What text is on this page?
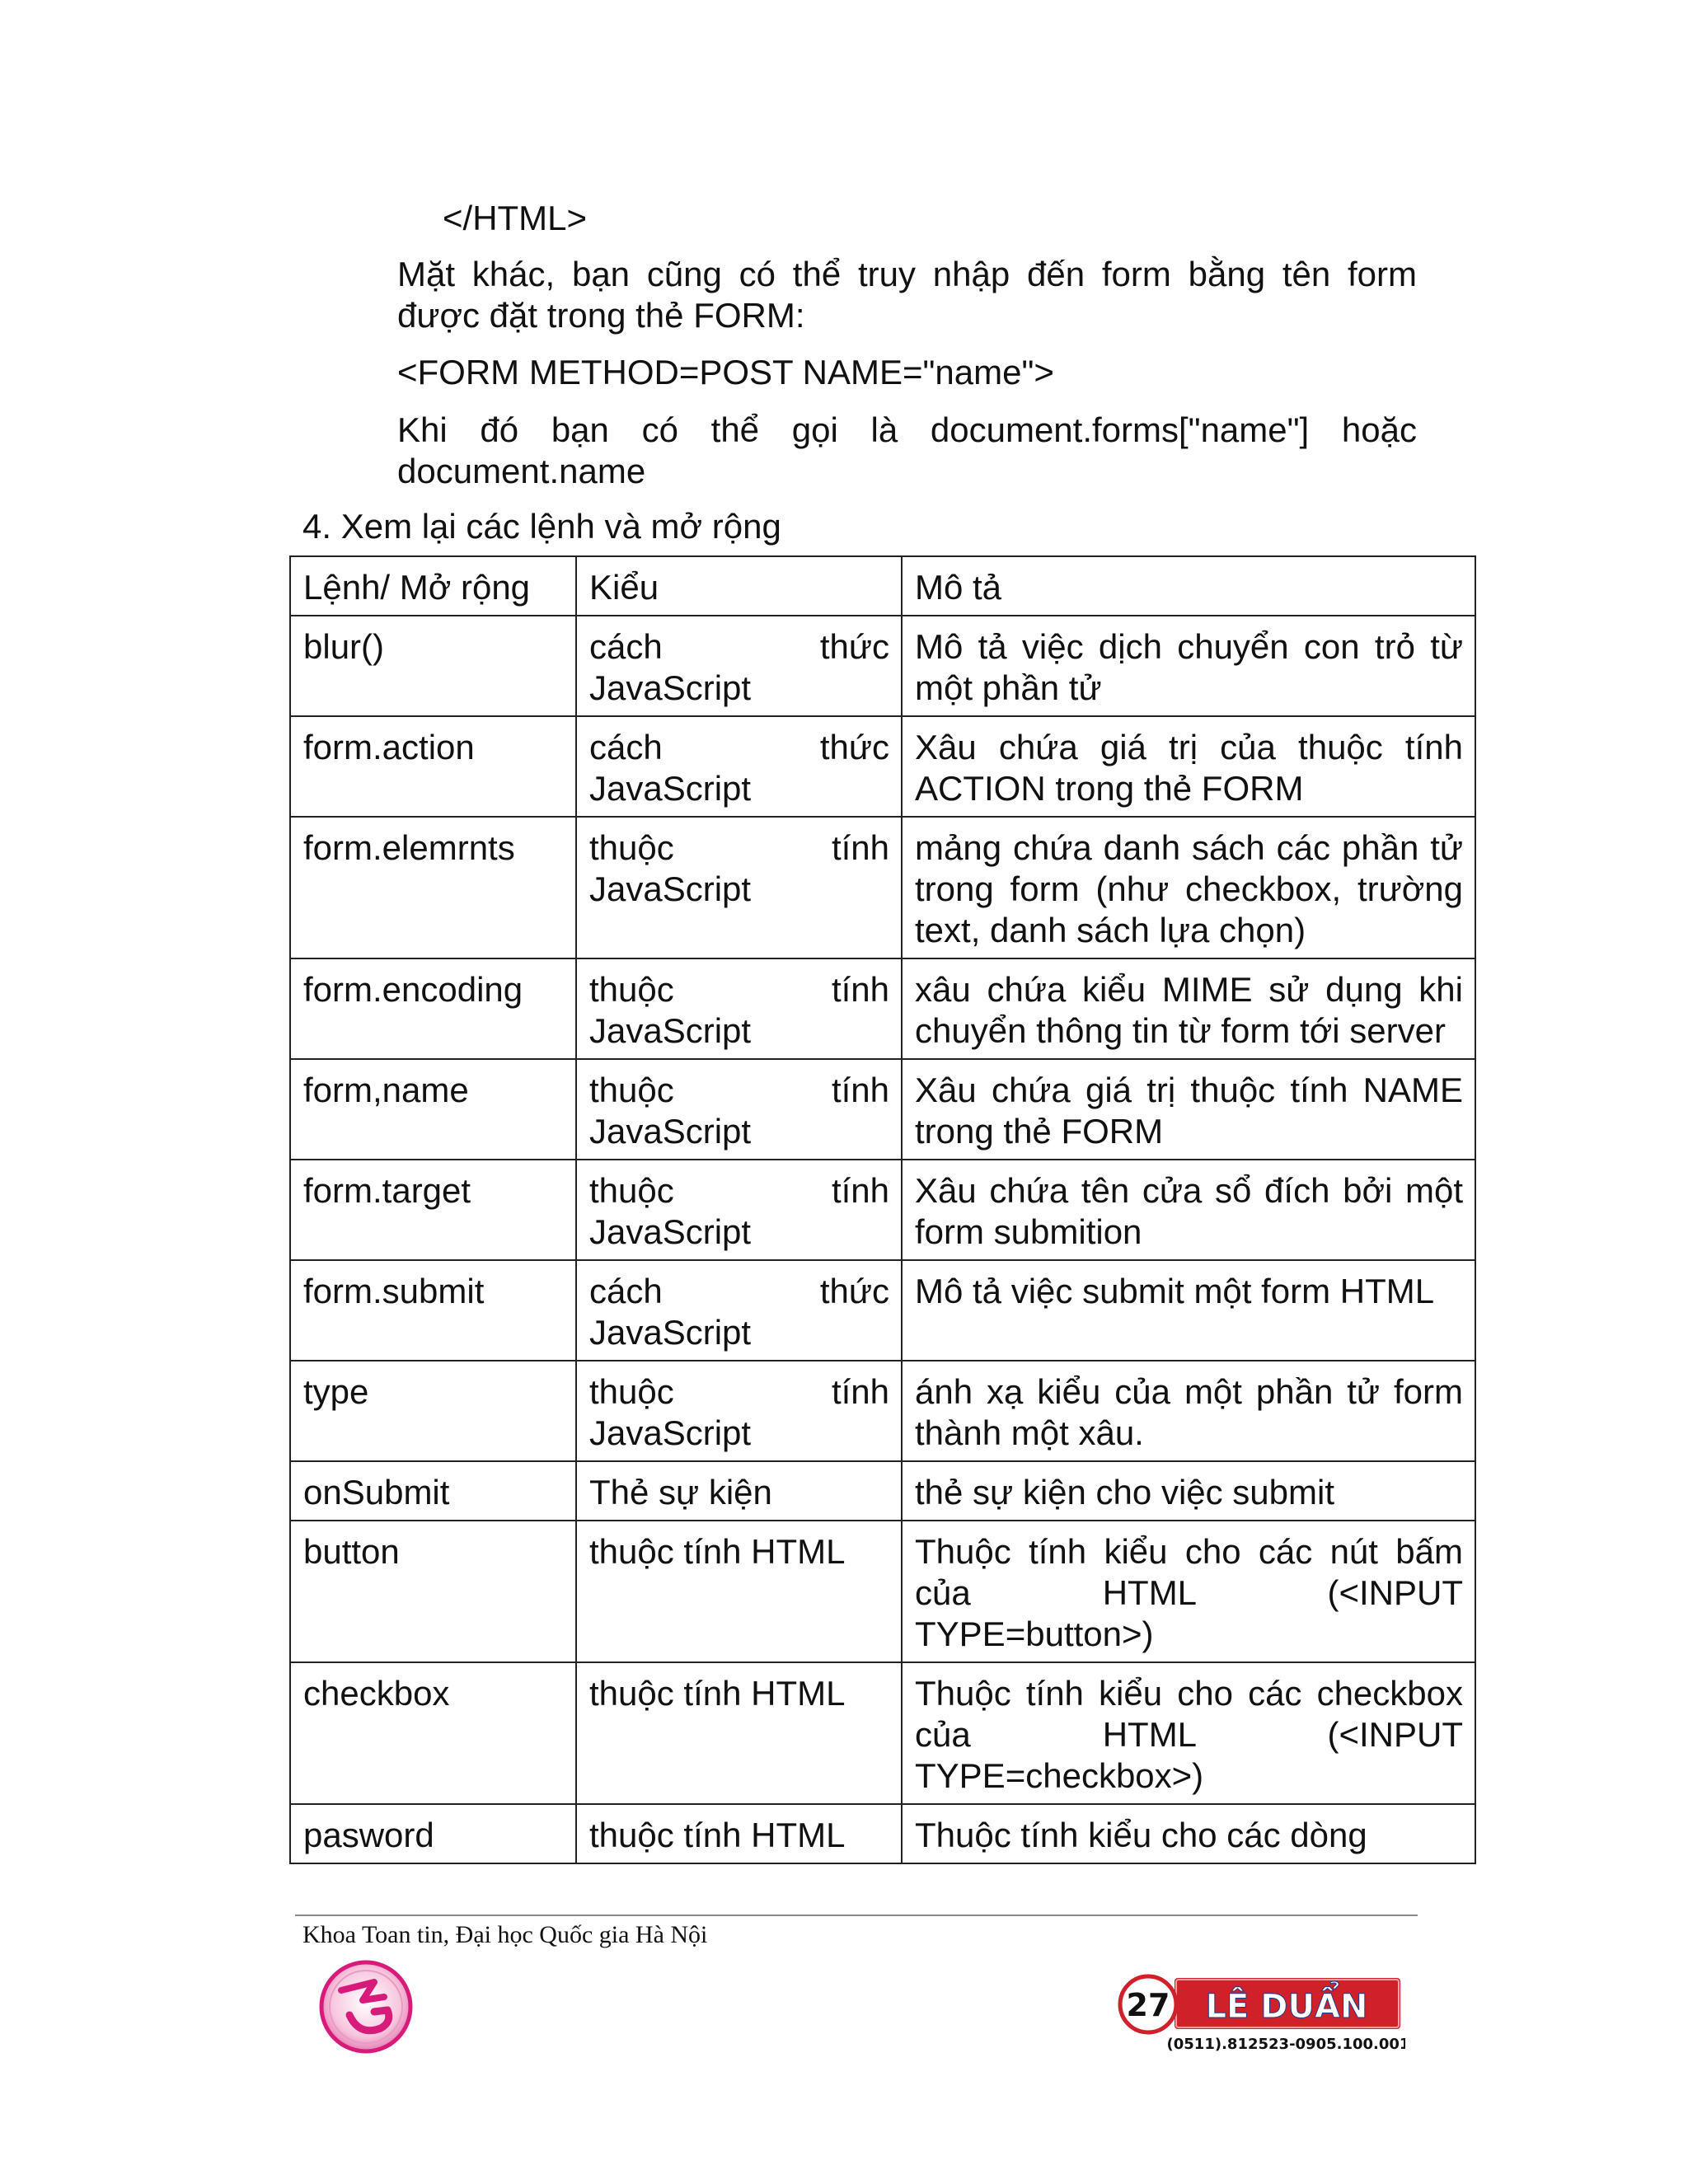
</HTML>
Mặt khác, bạn cũng có thể truy nhập đến form bằng tên form được đặt trong thẻ FORM:
<FORM METHOD=POST NAME="name">
Khi đó bạn có thể gọi là document.forms["name"] hoặc document.name
4. Xem lại các lệnh và mở rộng
Lệnh/ Mở rộng	Kiểu	Mô tả
blur()	cách thức JavaScript	Mô tả việc dịch chuyển con trỏ từ một phần tử
form.action	cách thức JavaScript	Xâu chứa giá trị của thuộc tính ACTION trong thẻ FORM
form.elemrnts	thuộc tính JavaScript	mảng chứa danh sách các phần tử trong form (như checkbox, trường text, danh sách lựa chọn)
form.encoding	thuộc tính JavaScript	xâu chứa kiểu MIME sử dụng khi chuyển thông tin từ form tới server
form,name	thuộc tính JavaScript	Xâu chứa giá trị thuộc tính NAME trong thẻ FORM
form.target	thuộc tính JavaScript	Xâu chứa tên cửa sổ đích bởi một form submition
form.submit	cách thức JavaScript	Mô tả việc submit một form HTML
type	thuộc tính JavaScript	ánh xạ kiểu của một phần tử form thành một xâu.
onSubmit	Thẻ sự kiện	thẻ sự kiện cho việc submit
button	thuộc tính HTML	Thuộc tính kiểu cho các nút bấm của HTML (<INPUT TYPE=button>)
checkbox	thuộc tính HTML	Thuộc tính kiểu cho các checkbox của HTML (<INPUT TYPE=checkbox>)
pasword	thuộc tính HTML	Thuộc tính kiểu cho các dòng
Khoa Toan tin, Đại học Quốc gia Hà Nội
27 LÊ DUẨN
(0511).812523-0905.100.001
